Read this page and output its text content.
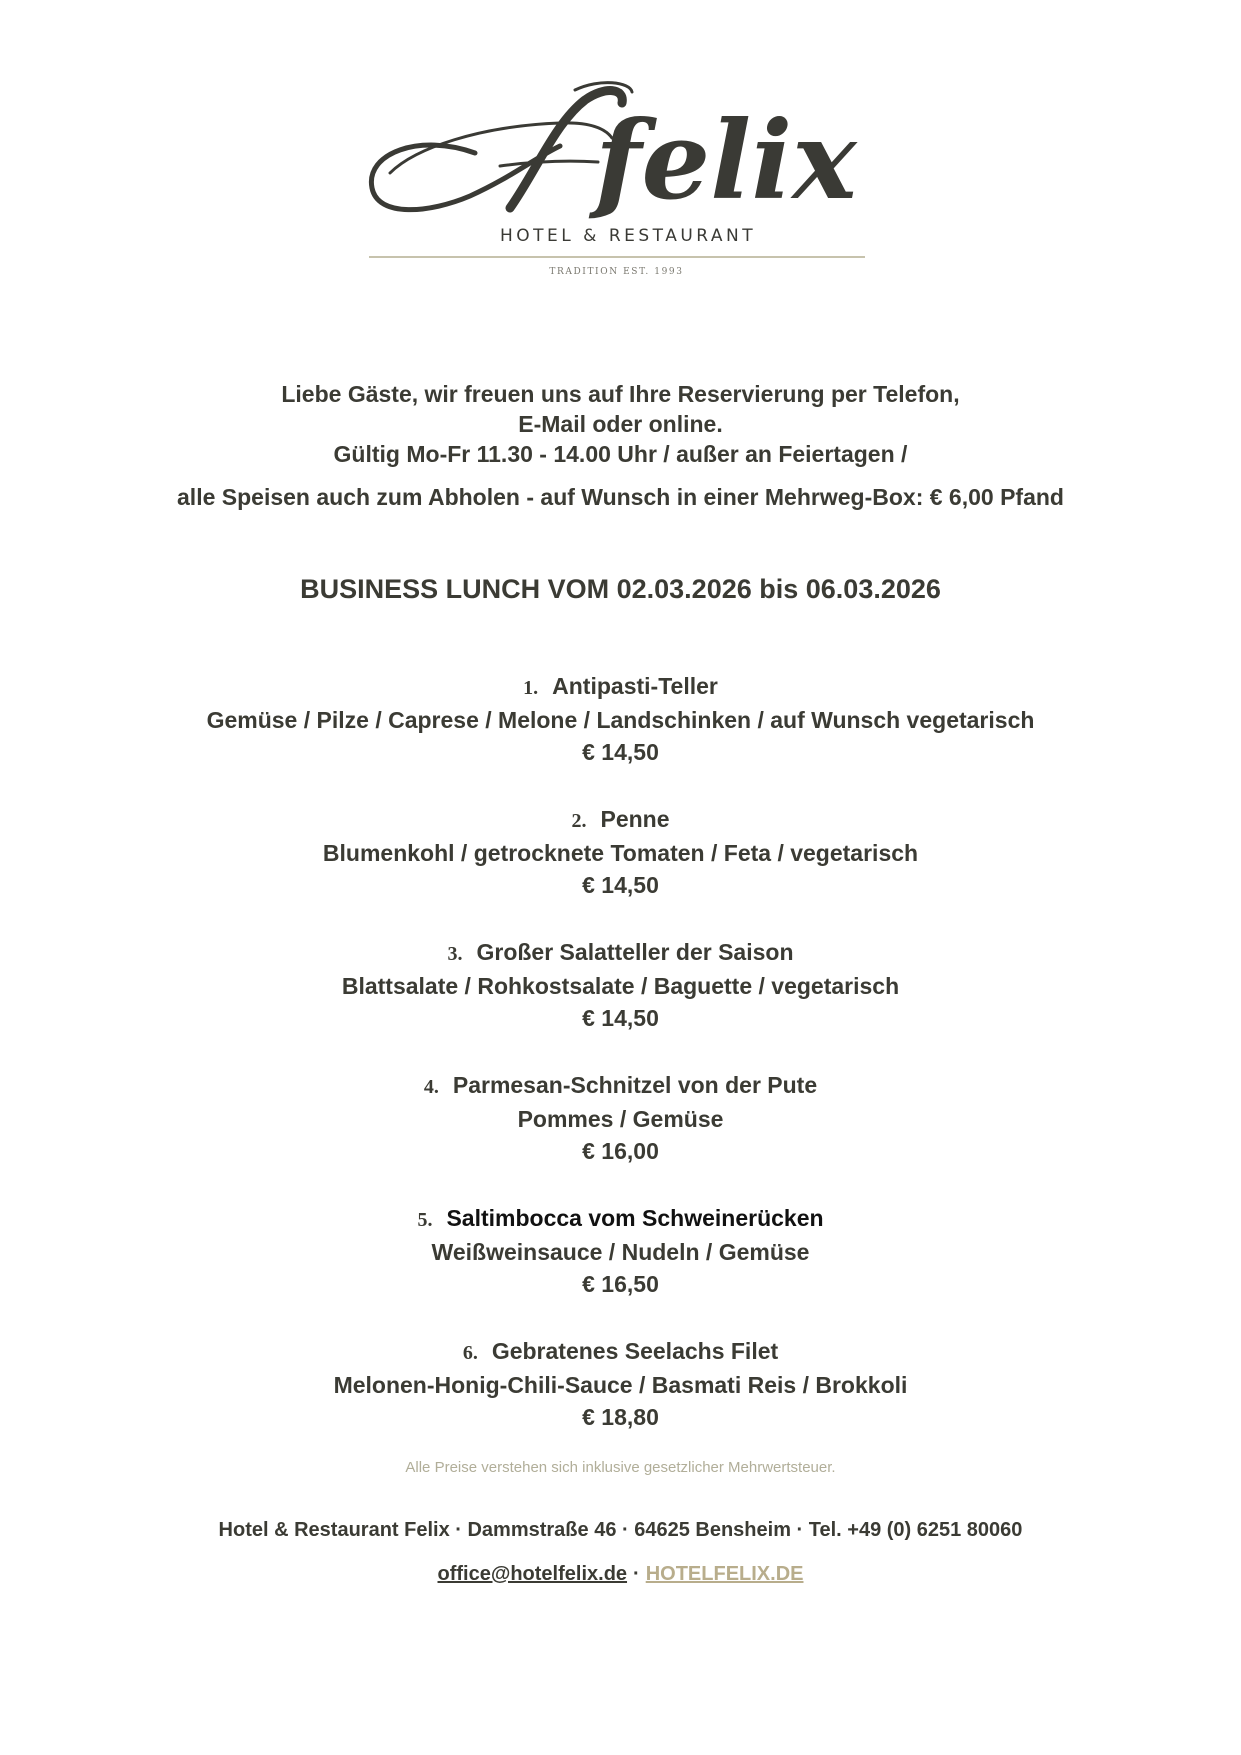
felix
HOTEL & RESTAURANT
TRADITION EST. 1993
Liebe Gäste, wir freuen uns auf Ihre Reservierung per Telefon,
E-Mail oder online.
Gültig Mo-Fr 11.30 - 14.00 Uhr / außer an Feiertagen /
alle Speisen auch zum Abholen - auf Wunsch in einer Mehrweg-Box: € 6,00 Pfand
BUSINESS LUNCH VOM 02.03.2026 bis 06.03.2026
1. Antipasti-Teller
Gemüse / Pilze / Caprese / Melone / Landschinken / auf Wunsch vegetarisch
€ 14,50
2. Penne
Blumenkohl / getrocknete Tomaten / Feta / vegetarisch
€ 14,50
3. Großer Salatteller der Saison
Blattsalate / Rohkostsalate / Baguette / vegetarisch
€ 14,50
4. Parmesan-Schnitzel von der Pute
Pommes / Gemüse
€ 16,00
5. Saltimbocca vom Schweinerücken
Weißweinsauce / Nudeln / Gemüse
€ 16,50
6. Gebratenes Seelachs Filet
Melonen-Honig-Chili-Sauce / Basmati Reis / Brokkoli
€ 18,80
Alle Preise verstehen sich inklusive gesetzlicher Mehrwertsteuer.
Hotel & Restaurant Felix · Dammstraße 46 · 64625 Bensheim · Tel. +49 (0) 6251 80060
office@hotelfelix.de · HOTELFELIX.DE
